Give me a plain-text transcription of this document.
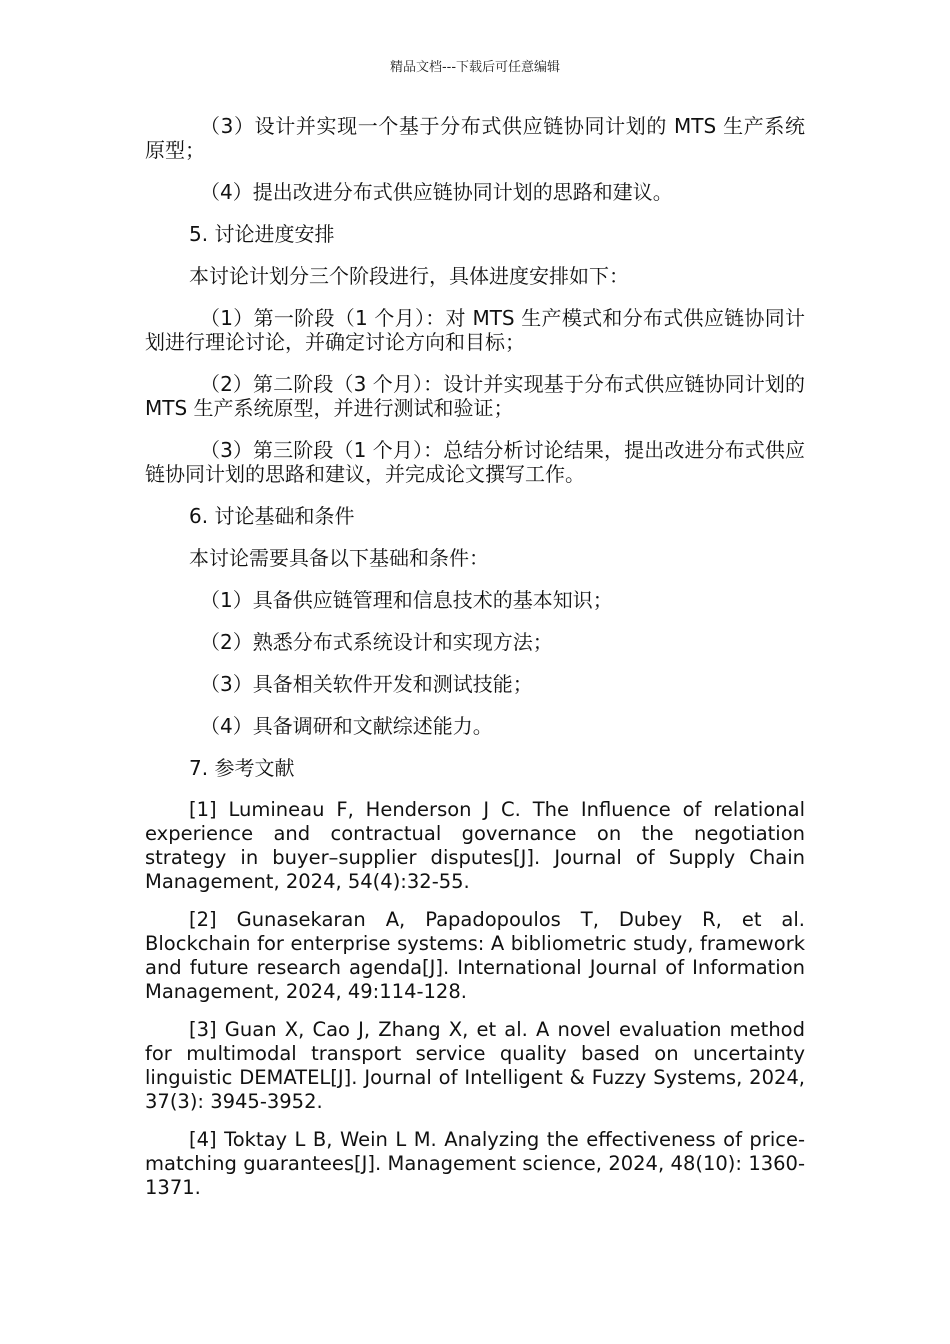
精品文档---下载后可任意编辑

（3）设计并实现一个基于分布式供应链协同计划的 MTS 生产系统原型；

（4）提出改进分布式供应链协同计划的思路和建议。

5. 讨论进度安排

本讨论计划分三个阶段进行，具体进度安排如下：

（1）第一阶段（1 个月）：对 MTS 生产模式和分布式供应链协同计划进行理论讨论，并确定讨论方向和目标；

（2）第二阶段（3 个月）：设计并实现基于分布式供应链协同计划的 MTS 生产系统原型，并进行测试和验证；

（3）第三阶段（1 个月）：总结分析讨论结果，提出改进分布式供应链协同计划的思路和建议，并完成论文撰写工作。

6. 讨论基础和条件

本讨论需要具备以下基础和条件：

（1）具备供应链管理和信息技术的基本知识；

（2）熟悉分布式系统设计和实现方法；

（3）具备相关软件开发和测试技能；

（4）具备调研和文献综述能力。

7. 参考文献

[1] Lumineau F, Henderson J C. The Influence of relational experience and contractual governance on the negotiation strategy in buyer–supplier disputes[J]. Journal of Supply Chain Management, 2024, 54(4):32-55.

[2] Gunasekaran A, Papadopoulos T, Dubey R, et al. Blockchain for enterprise systems: A bibliometric study, framework and future research agenda[J]. International Journal of Information Management, 2024, 49:114-128.

[3] Guan X, Cao J, Zhang X, et al. A novel evaluation method for multimodal transport service quality based on uncertainty linguistic DEMATEL[J]. Journal of Intelligent & Fuzzy Systems, 2024, 37(3): 3945-3952.

[4] Toktay L B, Wein L M. Analyzing the effectiveness of price-matching guarantees[J]. Management science, 2024, 48(10): 1360-1371.
